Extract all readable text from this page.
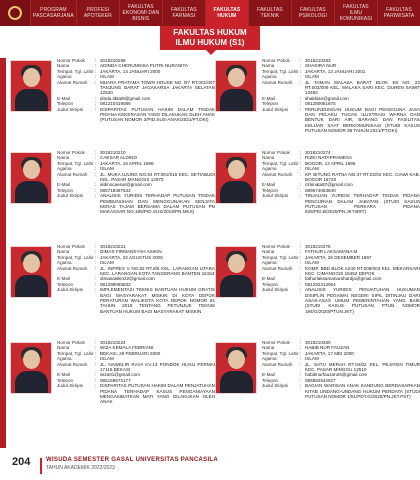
PROGRAM PASCASARJANA
PROFESI APOTEKER
FAKULTAS EKONOMI DAN BISNIS
FAKULTAS FARMASI
FAKULTAS HUKUM
FAKULTAS TEKNIK
FAKULTAS PSIKOLOGI
FAKULTAS ILMU KOMUNIKASI
FAKULTAS PARIWISATA
FAKULTAS HUKUM
ILMU HUKUM (S1)
Nomor Pokok	: 3018210298
Nama	: ADINDA CHERUNNISA PUTRI NURANITA
Tempat, Tgl. Lahir : JAKARTA, 14 JANUARI 2000
Agama	: ISLAM
Alamat Rumah	: MUARA PRATAMA TOWN HOUSE NO. B7 RT.001/007 TANJUNG BARAT JAGAKARSA JAKARTA SELATAN 12530
E-Mail	: dinda.tiktat8@gmail.com
Telepon	: 081210419086
Judul Skripsi	: DISPARITAS PUTUSAN HAKIM DALAM TINDAK PIDANA KEKERASAN YANG DILAKUKAN OLEH ANAK (PUTUSAN NOMOR 3/PID.SUS-ANAK/2021/PT.DKI)
Nomor Pokok	: 3018210283
Nama	: SHAKIRA NUR
Tempat, Tgl. Lahir : JAKARTA, 12 JANUARI 2001
Agama	: ISLAM
Alamat Rumah	: JL TAMAN MALAKA BARAT BLOK E5 NO. 23 RT.003/009 KEL. MALAKA SARI KEC. DUREN SAWIT 13460
E-Mail	: shakkian@gmail.com
Telepon	: 081280061875
Judul Skripsi	: PERLINDUNGAN HUKUM BAGI PENGGUNA JASA DAN PELAKU TUGAS ILUSTRASI WARNA DAN BENTUK DARI AIR, BARANG DAN FASILITAS KELUAR SAAT BERKOMUNIKASI (STUDI KASUS PUTUSAN NOMOR 38 TAHUN 2021/PT.DKI)
Nomor Pokok	: 3018210210
Nama	: CAESAR ALDINO
Tempat, Tgl. Lahir : JAKARTA, 16 APRIL 1998
Agama	: ISLAM
Alamat Rumah	: JL. MUKA UJUNG NO.54 RT.001/016 KEC. SETIABUDI KEL. PASAR MANGGIS 12970
E-Mail	: aldinocaesar@gmail.com
Telepon	: 085718497532
Judul Skripsi	: ANALISIS YURIDIS TERHADAP PUTUSAN TINDAK PEMBUNUHAN DAN MENGGUNAKAN SENJATA KERAS TAJAM BERSAMA DALAM PUTUSAN PN MAKASSAR NO.196/PID.SUS/2019/PN.MKS)
Nomor Pokok	: 3018210274
Nama	: RIZKI NATAPRAMESA
Tempat, Tgl. Lahir : BOGOR, 12 APRIL 1998
Agama	: ISLAM
Alamat Rumah	: KP. BITUNG RATNA NO.47 RT.02/02 KEC. CIAWI KAB. BOGOR 16720
E-Mail	: rizkinata87@gmail.com
Telepon	: 089674063840
Judul Skripsi	: TINJAUAN YURIDIS TERHADAP TINDAK PIDANA PENCURIAN DALAM JABATAN (STUDI KASUS PUTUSAN PERKARA PIDANA 826/PID.B/2020/PN.JKT.BRT)
Nomor Pokok	: 3018210221
Nama	: DIMAS FIRMANSYAH ASIKIN
Tempat, Tgl. Lahir : JAKARTA, 22 AGUSTUS 2000
Agama	: ISLAM
Alamat Rumah	: JL. INPRES V NO.82 RT.8/6 KEL. LARANGAN UTARA KEC. LARANGAN KOTA TANGERANG BANTEN 15154
E-Mail	: dimasasikin22@gmail.com
Telepon	: 081298085832
Judul Skripsi	: IMPLEMENTASI TEKNIS BANTUAN HUKUM GRATIS BAGI MASYARAKAT MISKIN DI KOTA DEPOK PERATURAN WALIKOTA KOTA DEPOK NOMOR 91 TAHUN 2018 TENTANG PETUNJUK TEKNIS BANTUAN HUKUM BAGI MASYARAKAT MISKIN
Nomor Pokok	: 3018210275
Nama	: FATHUR LAKSAMANA M
Tempat, Tgl. Lahir : JAKARTA, 26 DESEMBER 1997
Agama	: ISLAM
Alamat Rumah	: KOMP. BBD BLOK A240 RT.009/003 KEL. MEKARSARI KEC. CIMANGGIS 16452 DEPOK
E-Mail	: fathurlaksamanarahardja@gmail.com
Telepon	: 081292312064
Judul Skripsi	: ANALISIS YURIDIS PENJATUHAN HUKUMAN DISIPLIN PEGAWAI NEGERI SIPIL DITINJAU DARI ASAS-ASAS UMUM PEMERINTAHAN YANG BAIK (STUDI KASUS PUTUSAN PTUN NOMOR 194/G/2020/PTUN.JKT)
Nomor Pokok	: 3018210224
Nama	: WIZA KEMALA FEBRIANI
Tempat, Tgl. Lahir : BEKASI, 26 FEBRUARI 2000
Agama	: ISLAM
Alamat Rumah	: JL. NAWELIR RAYA KV.13 PONDOK HIJAU PERMAI 17115 BEKASI
E-Mail	: wiza01@gmail.com
Telepon	: 085158672177
Judul Skripsi	: DISPARITAS PUTUSAN HAKIM DALAM PENJATUHAN PIDANA TERHADAP KASUS PENGANIAYAAN MENGAKIBATKAN MATI YANG DILAKUKAN OLEH ANAK
Nomor Pokok	: 3018210260
Nama	: HABIB NUR FAUZAN
Tempat, Tgl. Lahir : JAKARTA, 17 MEI 2000
Agama	: ISLAM
Alamat Rumah	: JL. SATU MERAH RT.04/02 KEL. PEJATEN TIMUR KEC. PASAR MINGGU 12510
E-Mail	: habibnurfauzan26@gmail.com
Telepon	: 085892542527
Judul Skripsi	: BAGIAN WARISAN ANAK KANDUNG BERDASARKAN KITAB UNDANG-UNDANG HUKUM PERDATA (STUDI PUTUSAN NOMOR 1/51/PDT.G/2020/PN.JKT.PST)
204	WISUDA SEMESTER GASAL UNIVERSITAS PANCASILA
TAHUN AKADEMIK 2022/2023
